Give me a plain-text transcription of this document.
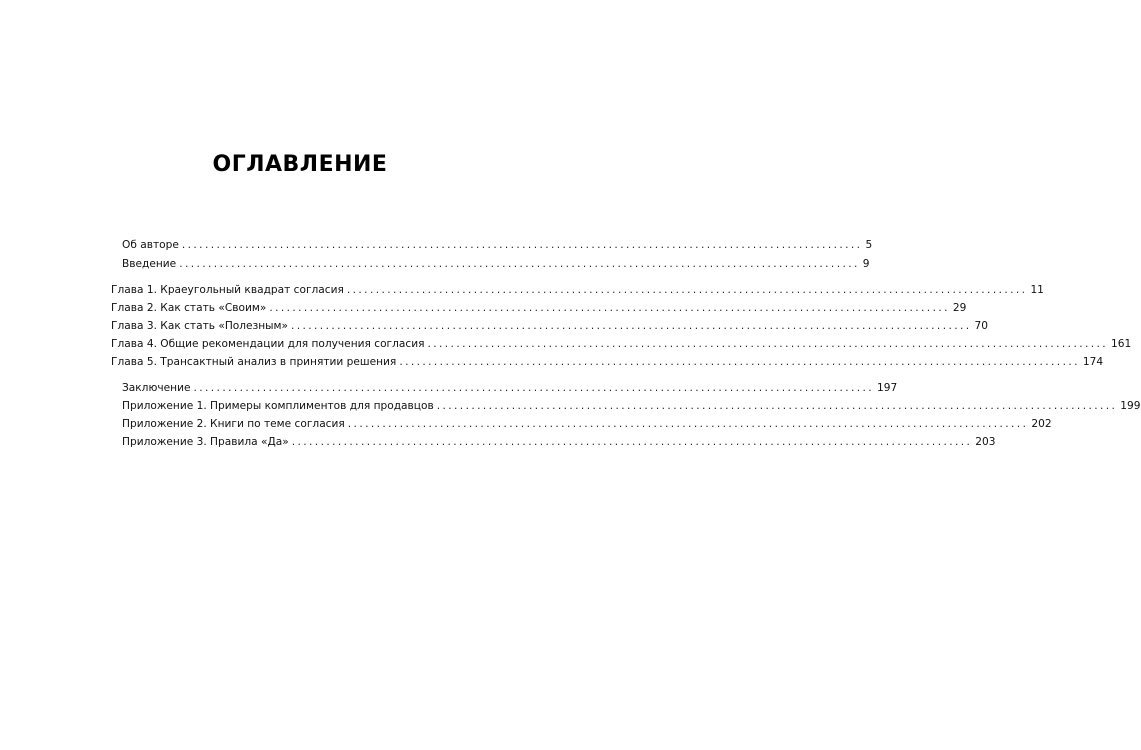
ОГЛАВЛЕНИЕ
Об авторе ...................................................................................................................... 5
Введение ...................................................................................................................... 9
Глава 1. Краеугольный квадрат согласия ...................................................................................................................... 11
Глава 2. Как стать «Своим» ...................................................................................................................... 29
Глава 3. Как стать «Полезным» ...................................................................................................................... 70
Глава 4. Общие рекомендации для получения согласия ...................................................................................................................... 161
Глава 5. Трансактный анализ в принятии решения ...................................................................................................................... 174
Заключение ...................................................................................................................... 197
Приложение 1. Примеры комплиментов для продавцов ...................................................................................................................... 199
Приложение 2. Книги по теме согласия ...................................................................................................................... 202
Приложение 3. Правила «Да» ...................................................................................................................... 203
